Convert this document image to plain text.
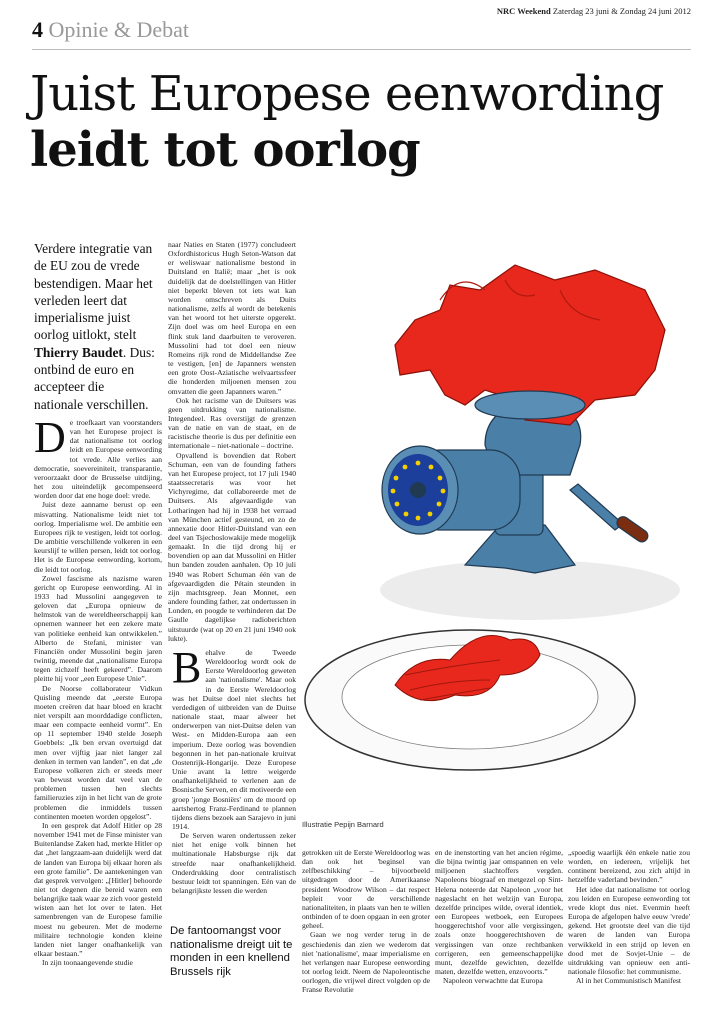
NRC Weekend Zaterdag 23 juni & Zondag 24 juni 2012
4 Opinie & Debat
Juist Europese eenwording
leidt tot oorlog
Verdere integratie van de EU zou de vrede bestendigen. Maar het verleden leert dat imperialisme juist oorlog uitlokt, stelt Thierry Baudet. Dus: ontbind de euro en accepteer die nationale verschillen.
D e troefkaart van voorstanders van het Europese project is dat nationalisme tot oorlog leidt en Europese eenwording tot vrede. Alle verlies aan democratie, soevereiniteit, transparantie, veroorzaakt door de Brusselse uitdijing, het zou uiteindelijk gecompenseerd worden door dat ene hoge doel: vrede.

Juist deze aanname berust op een misvatting. Nationalisme leidt niet tot oorlog. Imperialisme wel. De ambitie een Europees rijk te vestigen, leidt tot oorlog. De ambitie verschillende volkeren in een keurslijf te willen persen, leidt tot oorlog. Het is de Europese eenwording, kortom, die leidt tot oorlog.

Zowel fascisme als nazisme waren gericht op Europese eenwording. Al in 1933 had Mussolini aangegeven te geloven dat „Europa opnieuw de helmstok van de wereldheerschappij kan opnemen wanneer het een zekere mate van politieke eenheid kan ontwikkelen.” Alberto de Stefani, minister van Financiën onder Mussolini begin jaren twintig, meende dat „nationalisme Europa tegen zichzelf heeft gekeerd”. Daarom pleitte hij voor „een Europese Unie”.

De Noorse collaborateur Vidkun Quisling meende dat „eerste Europa moeten creëren dat haar bloed en kracht niet verspilt aan moorddadige conflicten, maar een compacte eenheid vormt”. En op 11 september 1940 stelde Joseph Goebbels: „Ik ben ervan overtuigd dat men over vijftig jaar niet langer zal denken in termen van landen”, en dat „de Europese volkeren zich er steeds meer van bewust worden dat veel van de problemen tussen hen slechts familieruzies zijn in het licht van de grote problemen die inmiddels tussen continenten moeten worden opgelost”.

In een gesprek dat Adolf Hitler op 28 november 1941 met de Finse minister van Buitenlandse Zaken had, merkte Hitler op dat „het langzaam-aan duidelijk werd dat de landen van Europa bij elkaar horen als een grote familie”. De aantekeningen van dat gesprek vervolgen: „[Hitler] behoorde niet tot degenen die bereid waren een belangrijke taak waar ze zich voor gesteld wisten aan het lot over te laten. Het samenbrengen van de Europese familie moest nu gebeuren. Met de moderne militaire technologie konden kleine landen niet langer onafhankelijk van elkaar bestaan.”

In zijn toonaangevende studie

naar Naties en Staten (1977) concludeert Oxfordhistoricus Hugh Seton-Watson dat er weliswaar nationalisme bestond in Duitsland en Italië; maar „het is ook duidelijk dat de doelstellingen van Hitler niet beperkt bleven tot iets wat kan worden omschreven als Duits nationalisme, zelfs al wordt de betekenis van het woord tot het uiterste opgerekt. Zijn doel was om heel Europa en een flink stuk land daarbuiten te veroveren. Mussolini had tot doel een nieuw Romeins rijk rond de Middellandse Zee te vestigen, [en] de Japanners wensten een grote Oost-Aziatische welvaartssfeer die honderden miljoenen mensen zou omvatten die geen Japanners waren.”

Ook het racisme van de Duitsers was geen uitdrukking van nationalisme. Integendeel. Ras overstijgt de grenzen van de natie en van de staat, en de racistische theorie is dus per definitie een internationale – niet-nationale – doctrine.

Opvallend is bovendien dat Robert Schuman, een van de founding fathers van het Europese project, tot 17 juli 1940 staatssecretaris was voor het Vichyregime, dat collaboreerde met de Duitsers. Als afgevaardigde van Lotharingen had hij in 1938 het verraad van München actief gesteund, en zo de annexatie door Hitler-Duitsland van een deel van Tsjechoslowakije mede mogelijk gemaakt. In die tijd drong hij er bovendien op aan dat Mussolini en Hitler hun banden zouden aanhalen. Op 10 juli 1940 was Robert Schuman één van de afgevaardigden die Pétain steunden in zijn machtsgreep. Jean Monnet, een andere founding father, zat ondertussen in Londen, en poogde te verhinderen dat De Gaulle dagelijkse radioberichten uitstuurde (wat op 20 en 21 juni 1940 ook lukte).

B ehalve de Tweede Wereldoorlog wordt ook de Eerste Wereldoorlog geweten aan 'nationalisme'. Maar ook in de Eerste Wereldoorlog was het Duitse doel niet slechts het verdedigen of uitbreiden van de Duitse nationale staat, maar alweer het onderwerpen van niet-Duitse delen van West- en Midden-Europa aan een imperium. Deze oorlog was bovendien begonnen in het pan-nationale kruitvat Oostenrijk-Hongarije. Deze Europese Unie avant la lettre weigerde onafhankelijkheid te verlenen aan de Bosnische Serven, en dit motiveerde een groep 'jonge Bosniërs' om de moord op aartshertog Franz-Ferdinand te plannen tijdens diens bezoek aan Sarajevo in juni 1914.

De Serven waren ondertussen zeker niet het enige volk binnen het multinationale Habsburgse rijk dat streefde naar onafhankelijkheid. Onderdrukking door centralistisch bestuur leidt tot spanningen. Eén van de belangrijkste lessen die werden

De fantoomangst voor nationalisme dreigt uit te monden in een knellend Brussels rijk
Illustratie Pepijn Barnard

getrokken uit de Eerste Wereldoorlog was dan ook het 'beginsel van zelfbeschikking' – bijvoorbeeld uitgedragen door de Amerikaanse president Woodrow Wilson – dat respect bepleit voor de verschillende nationaliteiten, in plaats van hen te willen ontbinden of te doen opgaan in een groter geheel.

Gaan we nog verder terug in de geschiedenis dan zien we wederom dat niet 'nationalisme', maar imperialisme en het verlangen naar Europese eenwording tot oorlog leidt. Neem de Napoleontische oorlogen, die vrijwel direct volgden op de Franse Revolutie

en de inenstorting van het ancien régime, die bijna twintig jaar omspannen en vele miljoenen slachtoffers vergden. Napoleons biograaf en metgezel op Sint-Helena noteerde dat Napoleon „voor het nageslacht en het welzijn van Europa, dezelfde principes wilde, overal identiek, een Europees wetboek, een Europees hooggerechtshof voor alle vergissingen, zoals onze hooggerechtshoven de vergissingen van onze rechtbanken corrigeren, een gemeenschappelijke munt, dezelfde gewichten, dezelfde maten, dezelfde wetten, enzovoorts.”

Napoleon verwachtte dat Europa

„spoedig waarlijk één enkele natie zou worden, en iedereen, vrijelijk het continent bereizend, zou zich altijd in hetzelfde vaderland bevinden.”

Het idee dat nationalisme tot oorlog zou leiden en Europese eenwording tot vrede klopt dus niet. Evenmin heeft Europa de afgelopen halve eeuw 'vrede' gekend. Het grootste deel van die tijd waren de landen van Europa verwikkeld in een strijd op leven en dood met de Sovjet-Unie – de uitdrukking van opnieuw een anti-nationale filosofie: het communisme.

Al in het Communistisch Manifest
